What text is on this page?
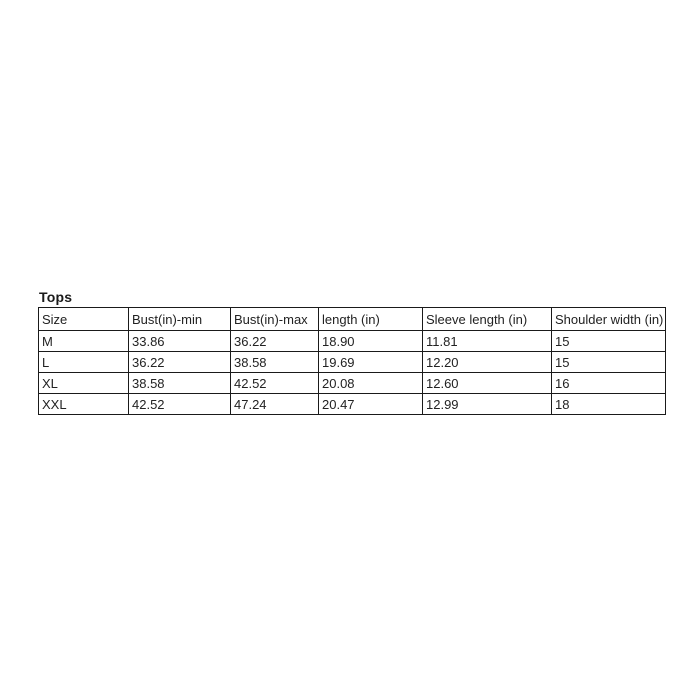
Tops
Size	Bust(in)-min	Bust(in)-max	length (in)	Sleeve length (in)	Shoulder width (in)
M	33.86	36.22	18.90	11.81	15
L	36.22	38.58	19.69	12.20	15
XL	38.58	42.52	20.08	12.60	16
XXL	42.52	47.24	20.47	12.99	18
